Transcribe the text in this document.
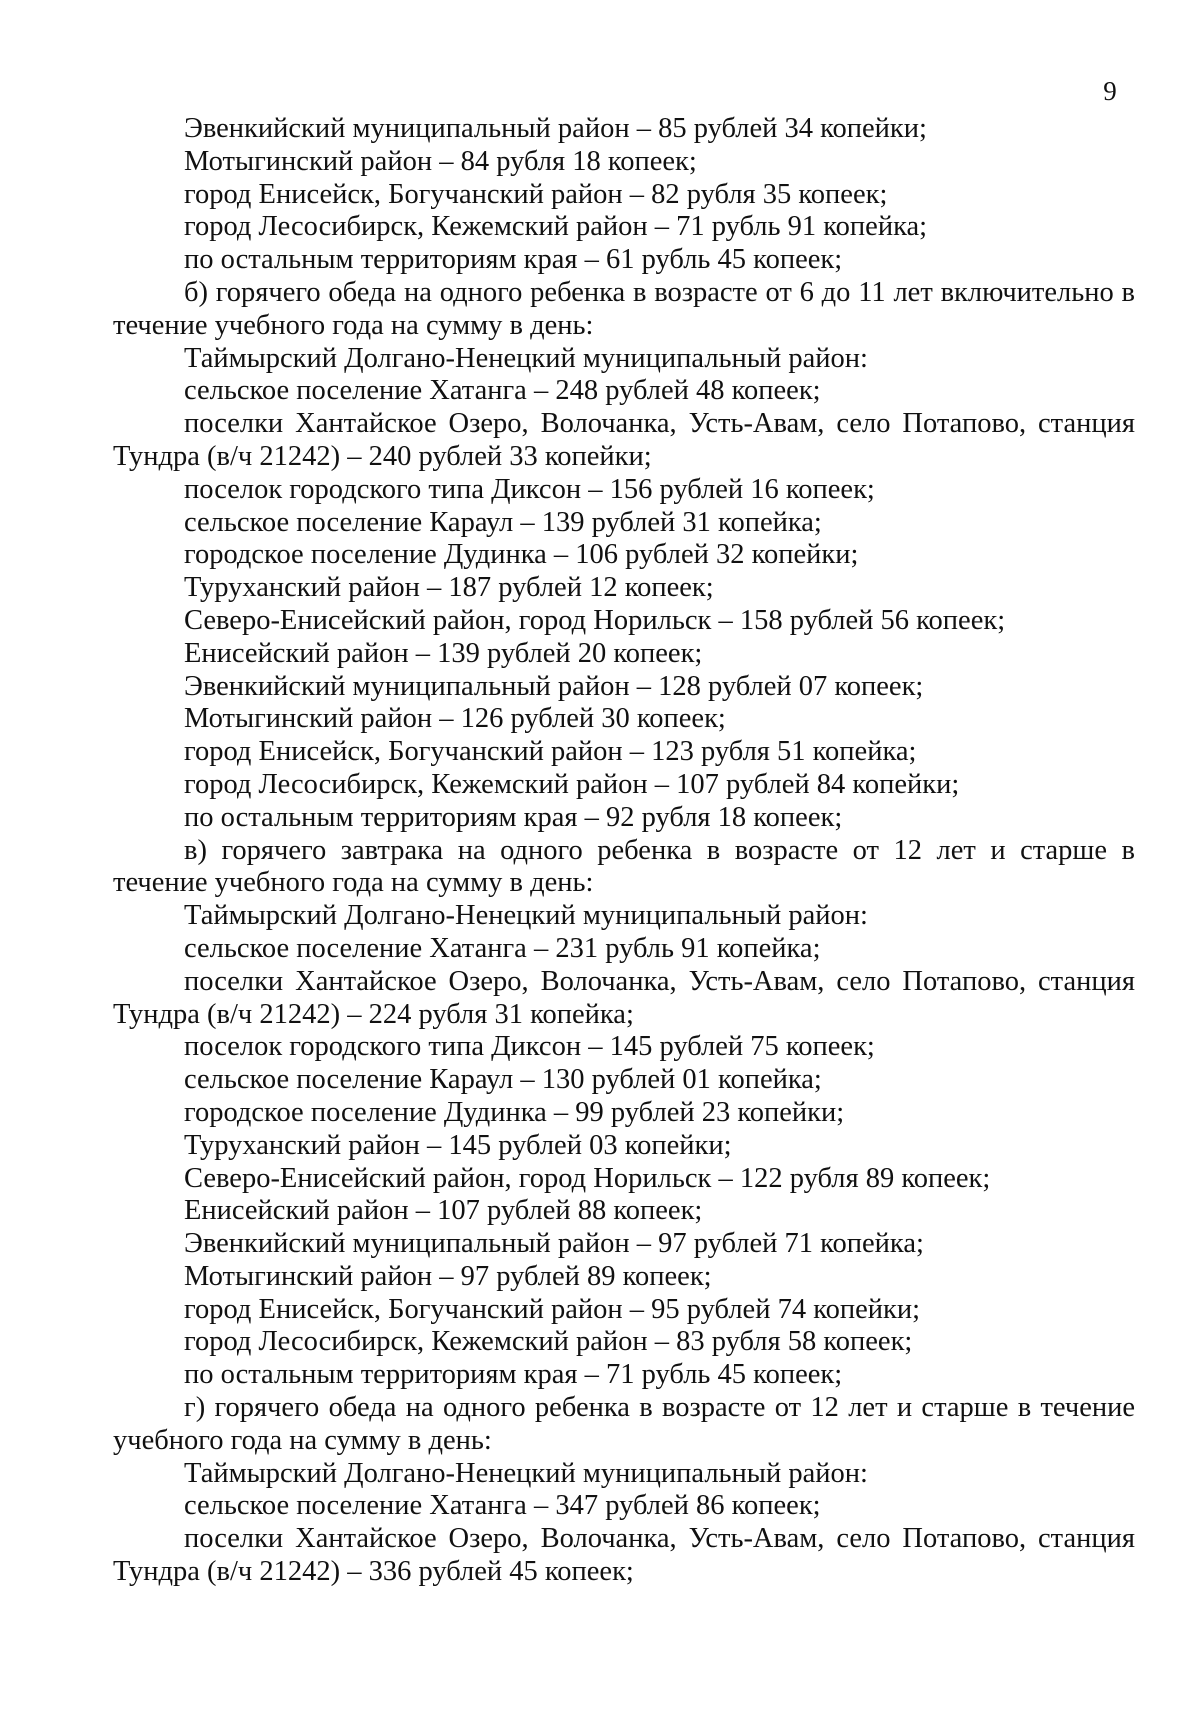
9
Эвенкийский муниципальный район – 85 рублей 34 копейки;
Мотыгинский район – 84 рубля 18 копеек;
город Енисейск, Богучанский район – 82 рубля 35 копеек;
город Лесосибирск, Кежемский район – 71 рубль 91 копейка;
по остальным территориям края – 61 рубль 45 копеек;
б) горячего обеда на одного ребенка в возрасте от 6 до 11 лет включительно в течение учебного года на сумму в день:
Таймырский Долгано-Ненецкий муниципальный район:
сельское поселение Хатанга – 248 рублей 48 копеек;
поселки Хантайское Озеро, Волочанка, Усть-Авам, село Потапово, станция Тундра (в/ч 21242) – 240 рублей 33 копейки;
поселок городского типа Диксон – 156 рублей 16 копеек;
сельское поселение Караул – 139 рублей 31 копейка;
городское поселение Дудинка – 106 рублей 32 копейки;
Туруханский район – 187 рублей 12 копеек;
Северо-Енисейский район, город Норильск – 158 рублей 56 копеек;
Енисейский район – 139 рублей 20 копеек;
Эвенкийский муниципальный район – 128 рублей 07 копеек;
Мотыгинский район – 126 рублей 30 копеек;
город Енисейск, Богучанский район – 123 рубля 51 копейка;
город Лесосибирск, Кежемский район – 107 рублей 84 копейки;
по остальным территориям края – 92 рубля 18 копеек;
в) горячего завтрака на одного ребенка в возрасте от 12 лет и старше в течение учебного года на сумму в день:
Таймырский Долгано-Ненецкий муниципальный район:
сельское поселение Хатанга – 231 рубль 91 копейка;
поселки Хантайское Озеро, Волочанка, Усть-Авам, село Потапово, станция Тундра (в/ч 21242) – 224 рубля 31 копейка;
поселок городского типа Диксон – 145 рублей 75 копеек;
сельское поселение Караул – 130 рублей 01 копейка;
городское поселение Дудинка – 99 рублей 23 копейки;
Туруханский район – 145 рублей 03 копейки;
Северо-Енисейский район, город Норильск – 122 рубля 89 копеек;
Енисейский район – 107 рублей 88 копеек;
Эвенкийский муниципальный район – 97 рублей 71 копейка;
Мотыгинский район – 97 рублей 89 копеек;
город Енисейск, Богучанский район – 95 рублей 74 копейки;
город Лесосибирск, Кежемский район – 83 рубля 58 копеек;
по остальным территориям края – 71 рубль 45 копеек;
г) горячего обеда на одного ребенка в возрасте от 12 лет и старше в течение учебного года на сумму в день:
Таймырский Долгано-Ненецкий муниципальный район:
сельское поселение Хатанга – 347 рублей 86 копеек;
поселки Хантайское Озеро, Волочанка, Усть-Авам, село Потапово, станция Тундра (в/ч 21242) – 336 рублей 45 копеек;
